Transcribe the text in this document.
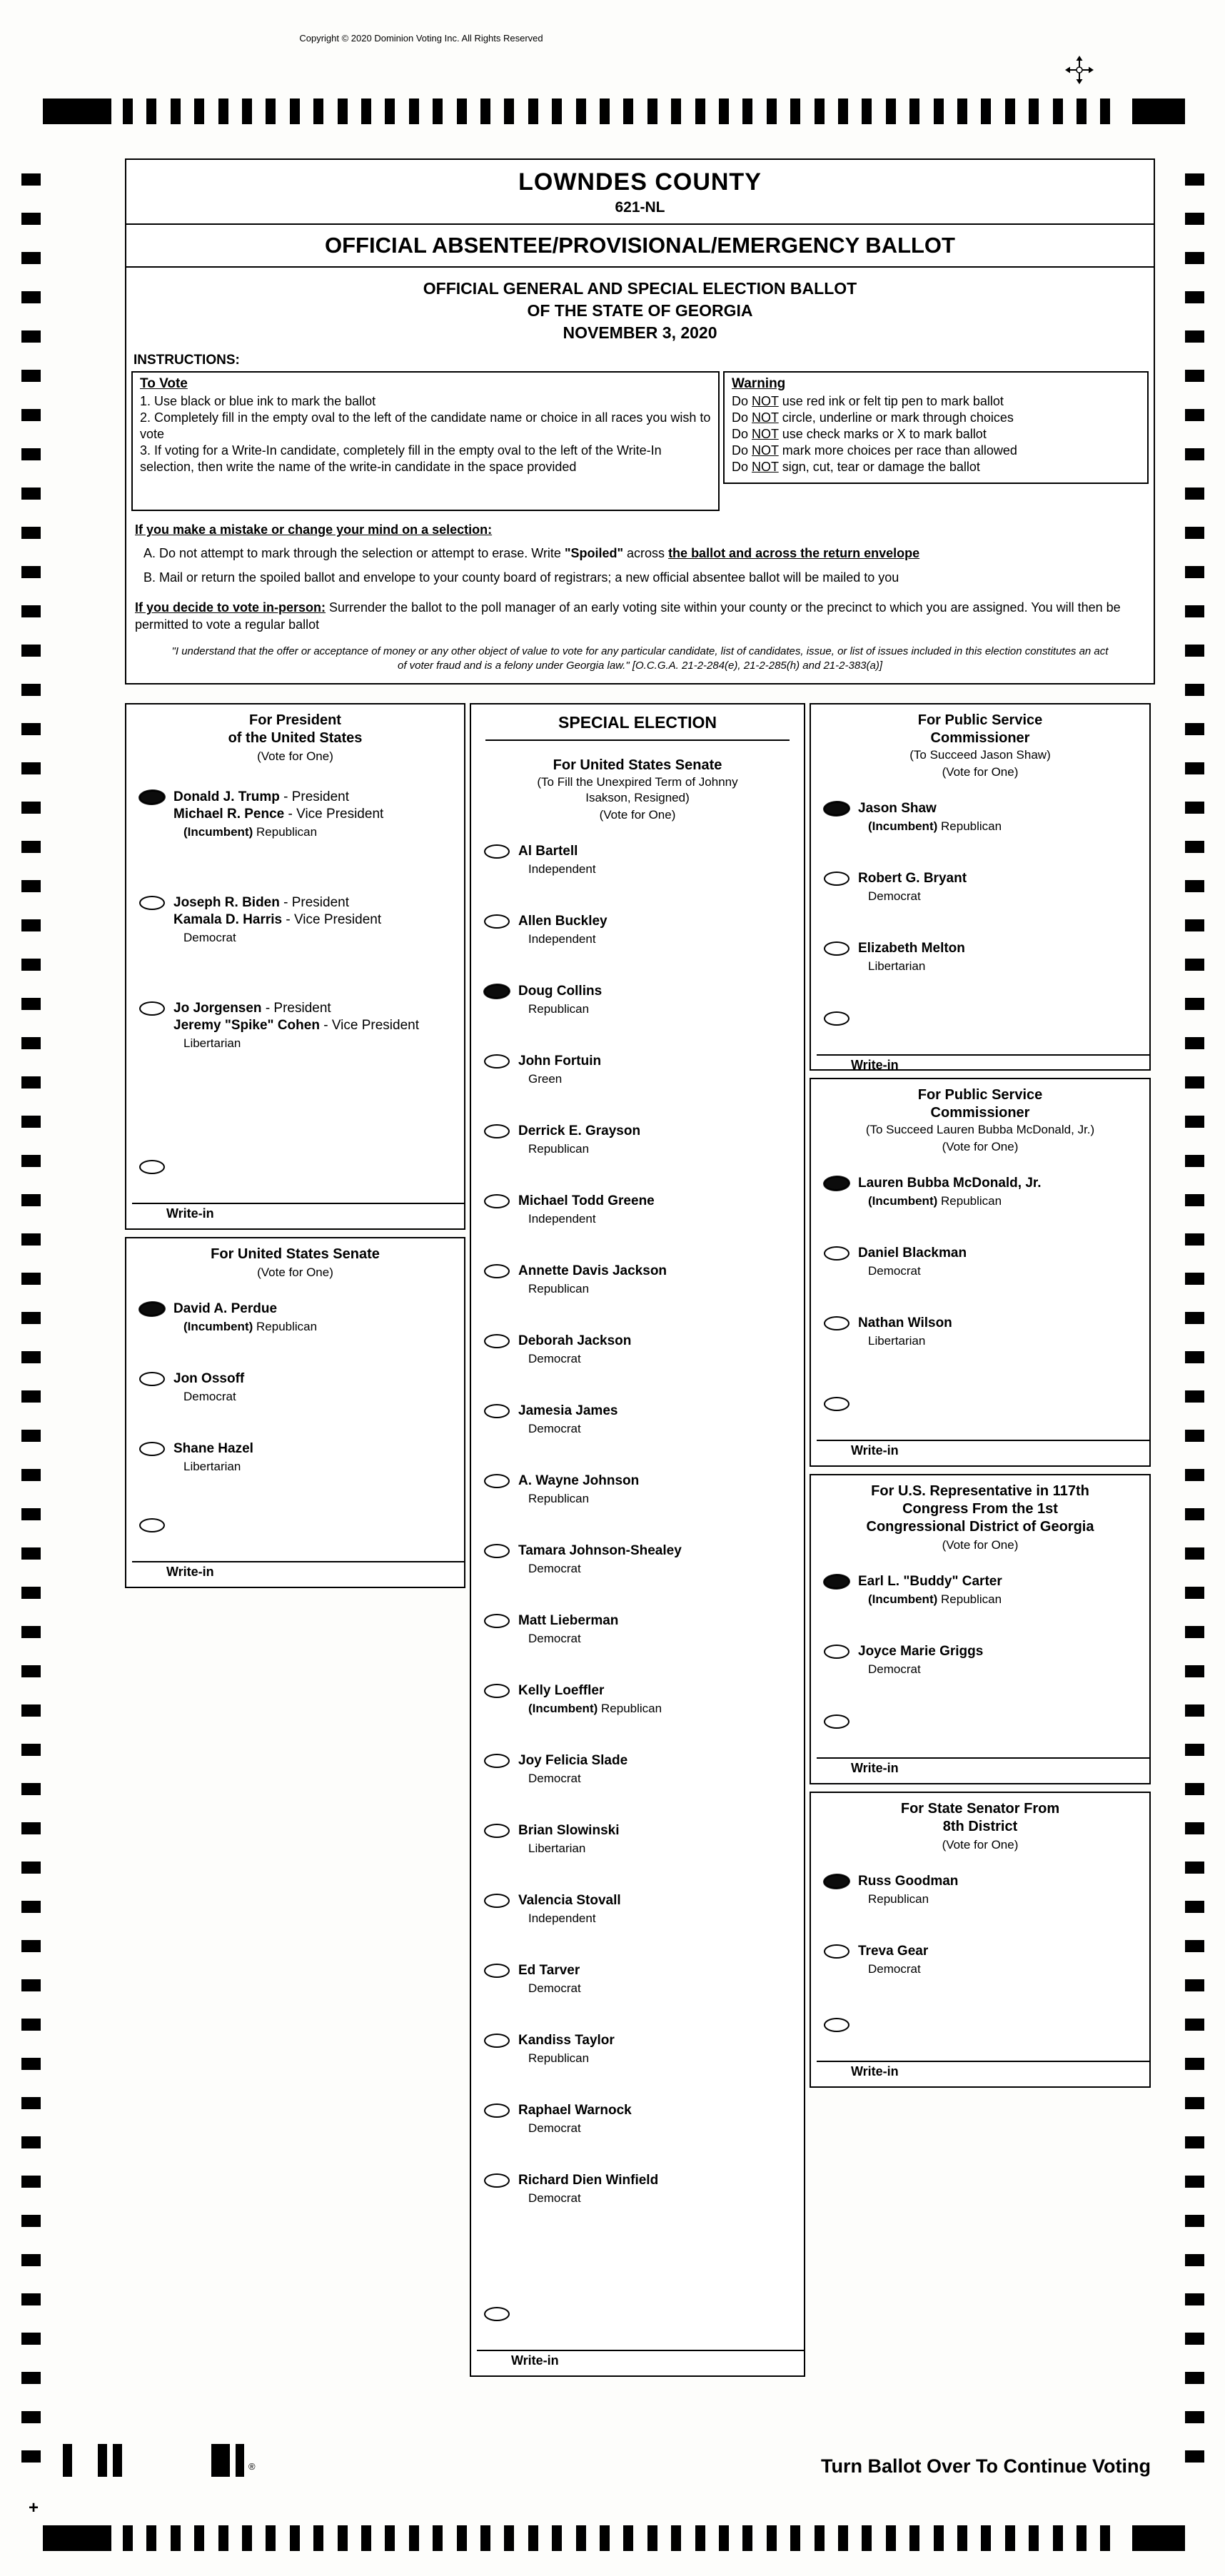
Copyright © 2020 Dominion Voting Inc. All Rights Reserved
LOWNDES COUNTY
621-NL
OFFICIAL ABSENTEE/PROVISIONAL/EMERGENCY BALLOT
OFFICIAL GENERAL AND SPECIAL ELECTION BALLOT
OF THE STATE OF GEORGIA
NOVEMBER 3, 2020
INSTRUCTIONS:
To Vote
1. Use black or blue ink to mark the ballot
2. Completely fill in the empty oval to the left of the candidate name or choice in all races you wish to vote
3. If voting for a Write-In candidate, completely fill in the empty oval to the left of the Write-In selection, then write the name of the write-in candidate in the space provided
Warning
Do NOT use red ink or felt tip pen to mark ballot
Do NOT circle, underline or mark through choices
Do NOT use check marks or X to mark ballot
Do NOT mark more choices per race than allowed
Do NOT sign, cut, tear or damage the ballot
If you make a mistake or change your mind on a selection:
A. Do not attempt to mark through the selection or attempt to erase. Write "Spoiled" across the ballot and across the return envelope
B. Mail or return the spoiled ballot and envelope to your county board of registrars; a new official absentee ballot will be mailed to you
If you decide to vote in-person: Surrender the ballot to the poll manager of an early voting site within your county or the precinct to which you are assigned. You will then be permitted to vote a regular ballot
"I understand that the offer or acceptance of money or any other object of value to vote for any particular candidate, list of candidates, issue, or list of issues included in this election constitutes an act of voter fraud and is a felony under Georgia law." [O.C.G.A. 21-2-284(e), 21-2-285(h) and 21-2-383(a)]
For President
of the United States
(Vote for One)
Donald J. Trump - President
Michael R. Pence - Vice President
(Incumbent) Republican
Joseph R. Biden - President
Kamala D. Harris - Vice President
Democrat
Jo Jorgensen - President
Jeremy "Spike" Cohen - Vice President
Libertarian
Write-in
For United States Senate
(Vote for One)
David A. Perdue
(Incumbent) Republican
Jon Ossoff
Democrat
Shane Hazel
Libertarian
Write-in
SPECIAL ELECTION
For United States Senate
(To Fill the Unexpired Term of Johnny
Isakson, Resigned)
(Vote for One)
Al Bartell
Independent
Allen Buckley
Independent
Doug Collins
Republican
John Fortuin
Green
Derrick E. Grayson
Republican
Michael Todd Greene
Independent
Annette Davis Jackson
Republican
Deborah Jackson
Democrat
Jamesia James
Democrat
A. Wayne Johnson
Republican
Tamara Johnson-Shealey
Democrat
Matt Lieberman
Democrat
Kelly Loeffler
(Incumbent) Republican
Joy Felicia Slade
Democrat
Brian Slowinski
Libertarian
Valencia Stovall
Independent
Ed Tarver
Democrat
Kandiss Taylor
Republican
Raphael Warnock
Democrat
Richard Dien Winfield
Democrat
Write-in
For Public Service
Commissioner
(To Succeed Jason Shaw)
(Vote for One)
Jason Shaw
(Incumbent) Republican
Robert G. Bryant
Democrat
Elizabeth Melton
Libertarian
Write-in
For Public Service
Commissioner
(To Succeed Lauren Bubba McDonald, Jr.)
(Vote for One)
Lauren Bubba McDonald, Jr.
(Incumbent) Republican
Daniel Blackman
Democrat
Nathan Wilson
Libertarian
Write-in
For U.S. Representative in 117th
Congress From the 1st
Congressional District of Georgia
(Vote for One)
Earl L. "Buddy" Carter
(Incumbent) Republican
Joyce Marie Griggs
Democrat
Write-in
For State Senator From
8th District
(Vote for One)
Russ Goodman
Republican
Treva Gear
Democrat
Write-in
®
+
Turn Ballot Over To Continue Voting
